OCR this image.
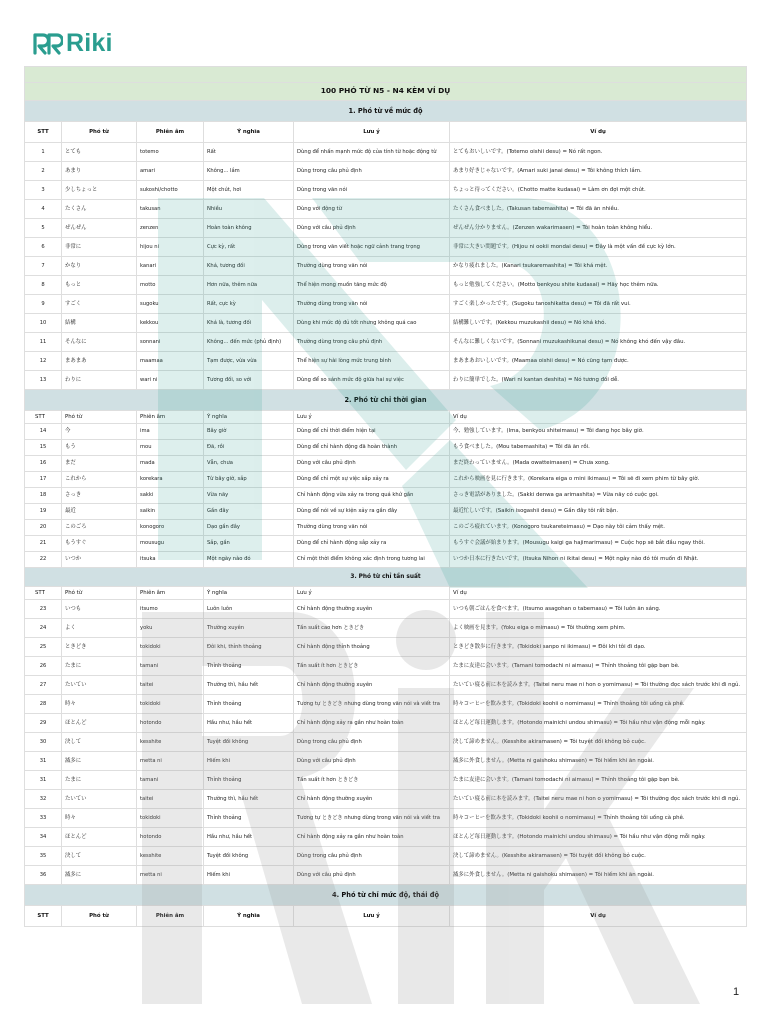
Riki

100 PHÓ TỪ N5 - N4 KÈM VÍ DỤ					
1. Phó từ về mức độ					
STT	Phó từ	Phiên âm	Ý nghĩa	Lưu ý	Ví dụ
1	とても	totemo	Rất	Dùng để nhấn mạnh mức độ của tính từ hoặc động từ	とてもおいしいです。(Totemo oishii desu) = Nó rất ngon.
2	あまり	amari	Không... lắm	Dùng trong câu phủ định	あまり好きじゃないです。(Amari suki janai desu) = Tôi không thích lắm.
3	少しちょっと	sukoshi/chotto	Một chút, hơi	Dùng trong văn nói	ちょっと待ってください。(Chotto matte kudasai) = Làm ơn đợi một chút.
4	たくさん	takusan	Nhiều	Dùng với động từ	たくさん食べました。(Takusan tabemashita) = Tôi đã ăn nhiều.
5	ぜんぜん	zenzen	Hoàn toàn không	Dùng với câu phủ định	ぜんぜん分かりません。(Zenzen wakarimasen) = Tôi hoàn toàn không hiểu.
6	非常に	hijou ni	Cực kỳ, rất	Dùng trong văn viết hoặc ngữ cảnh trang trọng	非常に大きい問題です。(Hijou ni ookii mondai desu) = Đây là một vấn đề cực kỳ lớn.
7	かなり	kanari	Khá, tương đối	Thường dùng trong văn nói	かなり疲れました。(Kanari tsukaremashita) = Tôi khá mệt.
8	もっと	motto	Hơn nữa, thêm nữa	Thể hiện mong muốn tăng mức độ	もっと勉強してください。(Motto benkyou shite kudasai) = Hãy học thêm nữa.
9	すごく	sugoku	Rất, cực kỳ	Thường dùng trong văn nói	すごく楽しかったです。(Sugoku tanoshikatta desu) = Tôi đã rất vui.
10	結構	kekkou	Khá là, tương đối	Dùng khi mức độ đủ tốt nhưng không quá cao	結構難しいです。(Kekkou muzukashii desu) = Nó khá khó.
11	そんなに	sonnani	Không... đến mức (phủ định)	Thường dùng trong câu phủ định	そんなに難しくないです。(Sonnani muzukashikunai desu) = Nó không khó đến vậy đâu.
12	まあまあ	maamaa	Tạm được, vừa vừa	Thể hiện sự hài lòng mức trung bình	まあまあおいしいです。(Maamaa oishii desu) = Nó cũng tạm được.
13	わりに	wari ni	Tương đối, so với	Dùng để so sánh mức độ giữa hai sự việc	わりに簡単でした。(Wari ni kantan deshita) = Nó tương đối dễ.
2. Phó từ chỉ thời gian					
STT	Phó từ	Phiên âm	Ý nghĩa	Lưu ý	Ví dụ
14	今	ima	Bây giờ	Dùng để chỉ thời điểm hiện tại	今、勉強しています。(Ima, benkyou shiteimasu) = Tôi đang học bây giờ.
15	もう	mou	Đã, rồi	Dùng để chỉ hành động đã hoàn thành	もう食べました。(Mou tabemashita) = Tôi đã ăn rồi.
16	まだ	mada	Vẫn, chưa	Dùng với câu phủ định	まだ終わっていません。(Mada owatteimasen) = Chưa xong.
17	これから	korekara	Từ bây giờ, sắp	Dùng để chỉ một sự việc sắp xảy ra	これから映画を見に行きます。(Korekara eiga o mini ikimasu) = Tôi sẽ đi xem phim từ bây giờ.
18	さっき	sakki	Vừa nãy	Chỉ hành động vừa xảy ra trong quá khứ gần	さっき電話がありました。(Sakki denwa ga arimashita) = Vừa nãy có cuộc gọi.
19	最近	saikin	Gần đây	Dùng để nói về sự kiện xảy ra gần đây	最近忙しいです。(Saikin isogashii desu) = Gần đây tôi rất bận.
20	このごろ	konogoro	Dạo gần đây	Thường dùng trong văn nói	このごろ疲れています。(Konogoro tsukareteimasu) = Dạo này tôi cảm thấy mệt.
21	もうすぐ	mousugu	Sắp, gần	Dùng để chỉ hành động sắp xảy ra	もうすぐ会議が始まります。(Mousugu kaigi ga hajimarimasu) = Cuộc họp sẽ bắt đầu ngay thôi.
22	いつか	itsuka	Một ngày nào đó	Chỉ một thời điểm không xác định trong tương lai	いつか日本に行きたいです。(Itsuka Nihon ni ikitai desu) = Một ngày nào đó tôi muốn đi Nhật.
3. Phó từ chỉ tần suất					
STT	Phó từ	Phiên âm	Ý nghĩa	Lưu ý	Ví dụ
23	いつも	itsumo	Luôn luôn	Chỉ hành động thường xuyên	いつも朝ごはんを食べます。(Itsumo asagohan o tabemasu) = Tôi luôn ăn sáng.
24	よく	yoku	Thường xuyên	Tần suất cao hơn ときどき	よく映画を見ます。(Yoku eiga o mimasu) = Tôi thường xem phim.
25	ときどき	tokidoki	Đôi khi, thỉnh thoảng	Chỉ hành động thỉnh thoảng	ときどき散歩に行きます。(Tokidoki sanpo ni ikimasu) = Đôi khi tôi đi dạo.
26	たまに	tamani	Thỉnh thoảng	Tần suất ít hơn ときどき	たまに友達に会います。(Tamani tomodachi ni aimasu) = Thỉnh thoảng tôi gặp bạn bè.
27	たいてい	taitei	Thường thì, hầu hết	Chỉ hành động thường xuyên	たいてい寝る前に本を読みます。(Taitei neru mae ni hon o yomimasu) = Tôi thường đọc sách trước khi đi ngủ.
28	時々	tokidoki	Thỉnh thoảng	Tương tự ときどき nhưng dùng trong văn nói và viết tra	時々コーヒーを飲みます。(Tokidoki koohii o nomimasu) = Thỉnh thoảng tôi uống cà phê.
29	ほとんど	hotondo	Hầu như, hầu hết	Chỉ hành động xảy ra gần như hoàn toàn	ほとんど毎日運動します。(Hotondo mainichi undou shimasu) = Tôi hầu như vận động mỗi ngày.
30	決して	kesshite	Tuyệt đối không	Dùng trong câu phủ định	決して諦めません。(Kesshite akiramasen) = Tôi tuyệt đối không bỏ cuộc.
31	滅多に	metta ni	Hiếm khi	Dùng với câu phủ định	滅多に外食しません。(Metta ni gaishoku shimasen) = Tôi hiếm khi ăn ngoài.
31	たまに	tamani	Thỉnh thoảng	Tần suất ít hơn ときどき	たまに友達に会います。(Tamani tomodachi ni aimasu) = Thỉnh thoảng tôi gặp bạn bè.
32	たいてい	taitei	Thường thì, hầu hết	Chỉ hành động thường xuyên	たいてい寝る前に本を読みます。(Taitei neru mae ni hon o yomimasu) = Tôi thường đọc sách trước khi đi ngủ.
33	時々	tokidoki	Thỉnh thoảng	Tương tự ときどき nhưng dùng trong văn nói và viết tra	時々コーヒーを飲みます。(Tokidoki koohii o nomimasu) = Thỉnh thoảng tôi uống cà phê.
34	ほとんど	hotondo	Hầu như, hầu hết	Chỉ hành động xảy ra gần như hoàn toàn	ほとんど毎日運動します。(Hotondo mainichi undou shimasu) = Tôi hầu như vận động mỗi ngày.
35	決して	kesshite	Tuyệt đối không	Dùng trong câu phủ định	決して諦めません。(Kesshite akiramasen) = Tôi tuyệt đối không bỏ cuộc.
36	滅多に	metta ni	Hiếm khi	Dùng với câu phủ định	滅多に外食しません。(Metta ni gaishoku shimasen) = Tôi hiếm khi ăn ngoài.
4. Phó từ chỉ mức độ, thái độ					
STT	Phó từ	Phiên âm	Ý nghĩa	Lưu ý	Ví dụ
1
